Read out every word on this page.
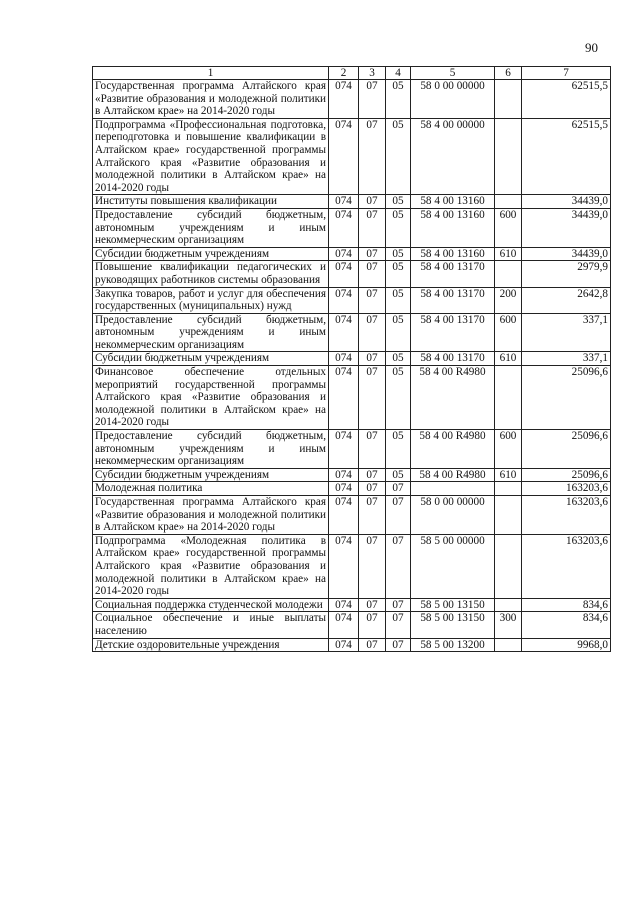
90
1	2	3	4	5	6	7
Государственная программа Алтайского края «Развитие образования и молодежной политики в Алтайском крае» на 2014-2020 годы	074	07	05	58 0 00 00000		62515,5
Подпрограмма «Профессиональная подготовка, переподготовка и повышение квалификации в Алтайском крае» государственной программы Алтайского края «Развитие образования и молодежной политики в Алтайском крае» на 2014-2020 годы	074	07	05	58 4 00 00000		62515,5
Институты повышения квалификации	074	07	05	58 4 00 13160		34439,0
Предоставление субсидий бюджетным, автономным учреждениям и иным некоммерческим организациям	074	07	05	58 4 00 13160	600	34439,0
Субсидии бюджетным учреждениям	074	07	05	58 4 00 13160	610	34439,0
Повышение квалификации педагогических и руководящих работников системы образования	074	07	05	58 4 00 13170		2979,9
Закупка товаров, работ и услуг для обеспечения государственных (муниципальных) нужд	074	07	05	58 4 00 13170	200	2642,8
Предоставление субсидий бюджетным, автономным учреждениям и иным некоммерческим организациям	074	07	05	58 4 00 13170	600	337,1
Субсидии бюджетным учреждениям	074	07	05	58 4 00 13170	610	337,1
Финансовое обеспечение отдельных мероприятий государственной программы Алтайского края «Развитие образования и молодежной политики в Алтайском крае» на 2014-2020 годы	074	07	05	58 4 00 R4980		25096,6
Предоставление субсидий бюджетным, автономным учреждениям и иным некоммерческим организациям	074	07	05	58 4 00 R4980	600	25096,6
Субсидии бюджетным учреждениям	074	07	05	58 4 00 R4980	610	25096,6
Молодежная политика	074	07	07			163203,6
Государственная программа Алтайского края «Развитие образования и молодежной политики в Алтайском крае» на 2014-2020 годы	074	07	07	58 0 00 00000		163203,6
Подпрограмма «Молодежная политика в Алтайском крае» государственной программы Алтайского края «Развитие образования и молодежной политики в Алтайском крае» на 2014-2020 годы	074	07	07	58 5 00 00000		163203,6
Социальная поддержка студенческой молодежи	074	07	07	58 5 00 13150		834,6
Социальное обеспечение и иные выплаты населению	074	07	07	58 5 00 13150	300	834,6
Детские оздоровительные учреждения	074	07	07	58 5 00 13200		9968,0
